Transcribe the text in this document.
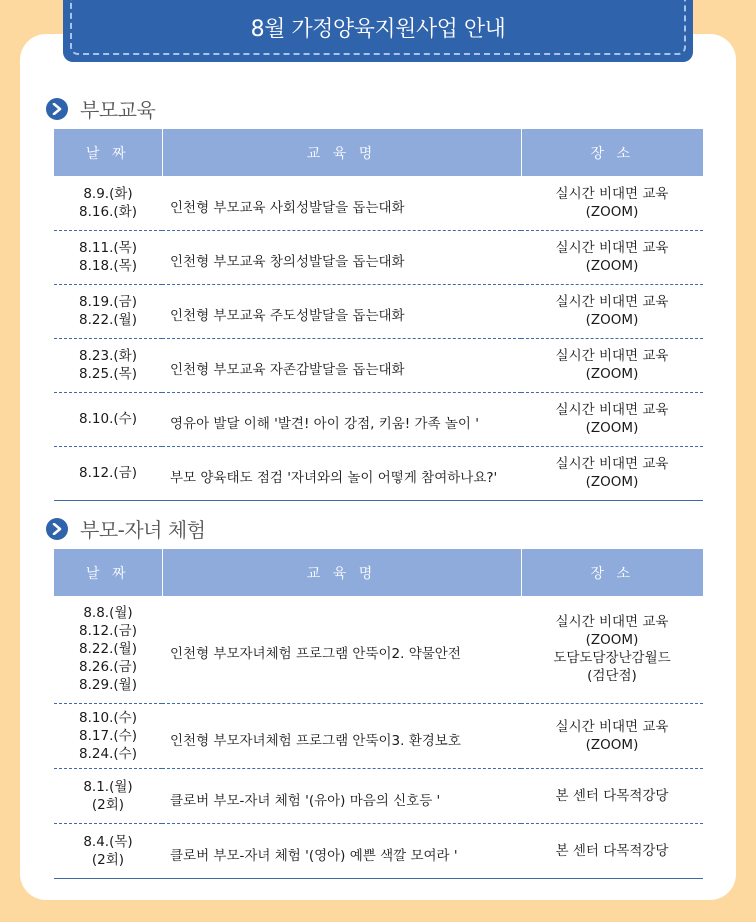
8월 가정양육지원사업 안내
부모교육
날 짜	교 육 명	장 소

8.9.(화)
8.16.(화)	인천형 부모교육 사회성발달을 돕는대화	실시간 비대면 교육
(ZOOM)

8.11.(목)
8.18.(목)	인천형 부모교육 창의성발달을 돕는대화	실시간 비대면 교육
(ZOOM)

8.19.(금)
8.22.(월)	인천형 부모교육 주도성발달을 돕는대화	실시간 비대면 교육
(ZOOM)

8.23.(화)
8.25.(목)	인천형 부모교육 자존감발달을 돕는대화	실시간 비대면 교육
(ZOOM)

8.10.(수)	영유아 발달 이해 '발견! 아이 강점, 키움! 가족 놀이 '	실시간 비대면 교육
(ZOOM)

8.12.(금)	부모 양육태도 점검 '자녀와의 놀이 어떻게 참여하나요?'	실시간 비대면 교육
(ZOOM)
부모-자녀 체험
날 짜	교 육 명	장 소

8.8.(월)
8.12.(금)
8.22.(월)
8.26.(금)
8.29.(월)	인천형 부모자녀체험 프로그램 안뚝이2. 약물안전	실시간 비대면 교육
(ZOOM)
도담도담장난감월드
(검단점)

8.10.(수)
8.17.(수)
8.24.(수)	인천형 부모자녀체험 프로그램 안뚝이3. 환경보호	실시간 비대면 교육
(ZOOM)

8.1.(월)
(2회)	클로버 부모-자녀 체험 '(유아) 마음의 신호등 '	본 센터 다목적강당

8.4.(목)
(2회)	클로버 부모-자녀 체험 '(영아) 예쁜 색깔 모여라 '	본 센터 다목적강당
